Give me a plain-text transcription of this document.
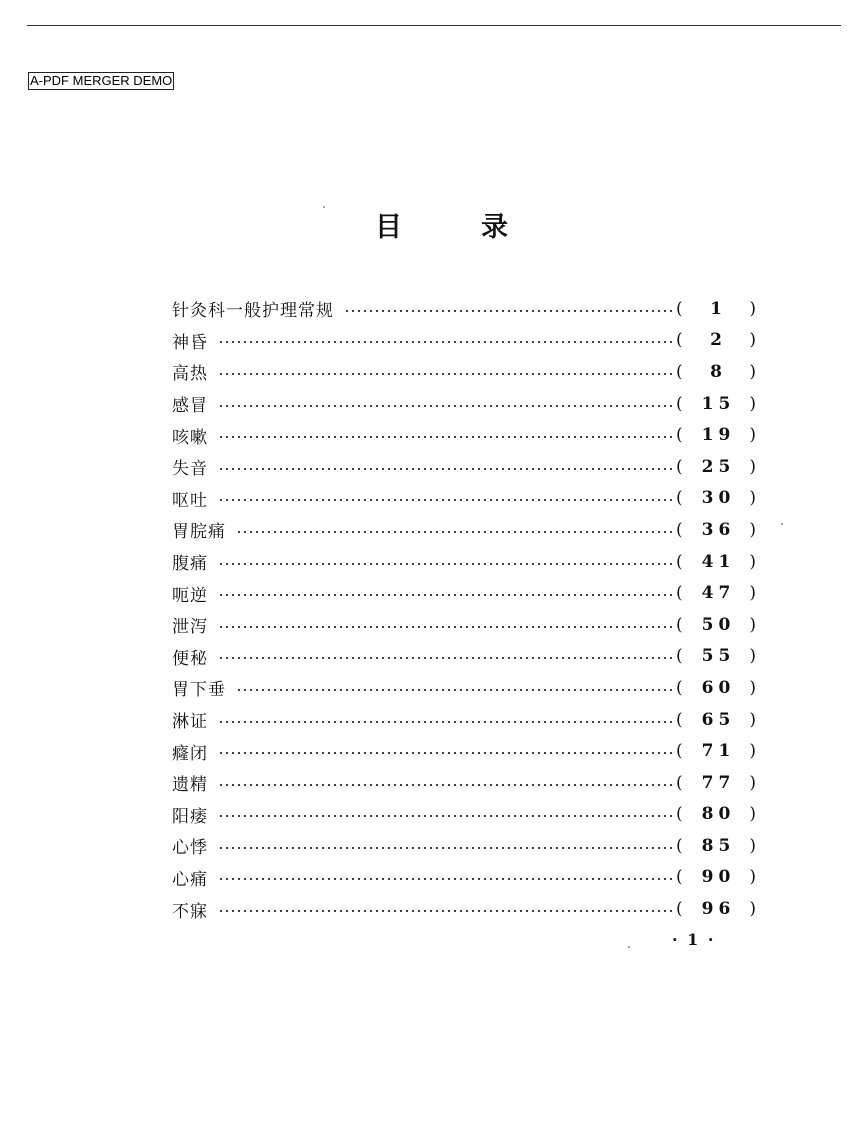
A-PDF MERGER DEMO
目	录
针灸科一般护理常规	(	1	)
神昏	(	2	)
高热	(	8	)
感冒	(	15 )
咳嗽	(	19 )
失音	(	25 )
呕吐	(	30 )
胃脘痛	(	36 )
腹痛	(	41 )
呃逆	(	47 )
泄泻	(	50 )
便秘	(	55 )
胃下垂	(	60 )
淋证	(	65 )
癃闭	(	71 )
遗精	(	77 )
阳痿	(	80 )
心悸	(	85 )
心痛	(	90 )
不寐	(	96 )
· 1 ·
